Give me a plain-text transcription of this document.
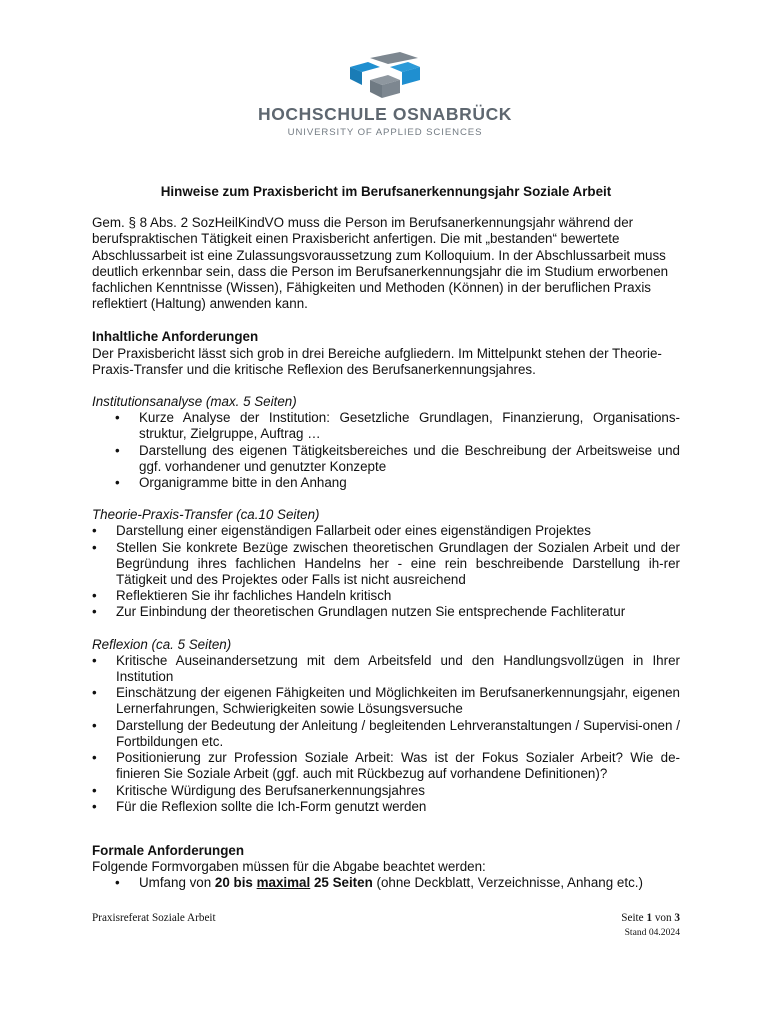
HOCHSCHULE OSNABRÜCK
UNIVERSITY OF APPLIED SCIENCES

Hinweise zum Praxisbericht im Berufsanerkennungsjahr Soziale Arbeit

Gem. § 8 Abs. 2 SozHeilKindVO muss die Person im Berufsanerkennungsjahr während der berufspraktischen Tätigkeit einen Praxisbericht anfertigen. Die mit „bestanden“ bewertete Abschlussarbeit ist eine Zulassungsvoraussetzung zum Kolloquium. In der Abschlussarbeit muss deutlich erkennbar sein, dass die Person im Berufsanerkennungsjahr die im Studium erworbenen fachlichen Kenntnisse (Wissen), Fähigkeiten und Methoden (Können) in der beruflichen Praxis reflektiert (Haltung) anwenden kann.

Inhaltliche Anforderungen

Der Praxisbericht lässt sich grob in drei Bereiche aufgliedern. Im Mittelpunkt stehen der Theorie-Praxis-Transfer und die kritische Reflexion des Berufsanerkennungsjahres.

Institutionsanalyse (max. 5 Seiten)

• Kurze Analyse der Institution: Gesetzliche Grundlagen, Finanzierung, Organisations-struktur, Zielgruppe, Auftrag …
• Darstellung des eigenen Tätigkeitsbereiches und die Beschreibung der Arbeitsweise und ggf. vorhandener und genutzter Konzepte
• Organigramme bitte in den Anhang

Theorie-Praxis-Transfer (ca.10 Seiten)

• Darstellung einer eigenständigen Fallarbeit oder eines eigenständigen Projektes
• Stellen Sie konkrete Bezüge zwischen theoretischen Grundlagen der Sozialen Arbeit und der Begründung ihres fachlichen Handelns her - eine rein beschreibende Darstellung ih-rer Tätigkeit und des Projektes oder Falls ist nicht ausreichend
• Reflektieren Sie ihr fachliches Handeln kritisch
• Zur Einbindung der theoretischen Grundlagen nutzen Sie entsprechende Fachliteratur

Reflexion (ca. 5 Seiten)

• Kritische Auseinandersetzung mit dem Arbeitsfeld und den Handlungsvollzügen in Ihrer Institution
• Einschätzung der eigenen Fähigkeiten und Möglichkeiten im Berufsanerkennungsjahr, eigenen Lernerfahrungen, Schwierigkeiten sowie Lösungsversuche
• Darstellung der Bedeutung der Anleitung / begleitenden Lehrveranstaltungen / Supervisi-onen / Fortbildungen etc.
• Positionierung zur Profession Soziale Arbeit: Was ist der Fokus Sozialer Arbeit? Wie de-finieren Sie Soziale Arbeit (ggf. auch mit Rückbezug auf vorhandene Definitionen)?
• Kritische Würdigung des Berufsanerkennungsjahres
• Für die Reflexion sollte die Ich-Form genutzt werden
Formale Anforderungen

Folgende Formvorgaben müssen für die Abgabe beachtet werden:

• Umfang von 20 bis maximal 25 Seiten (ohne Deckblatt, Verzeichnisse, Anhang etc.)
Praxisreferat Soziale Arbeit	Seite 1 von 3
Stand 04.2024
